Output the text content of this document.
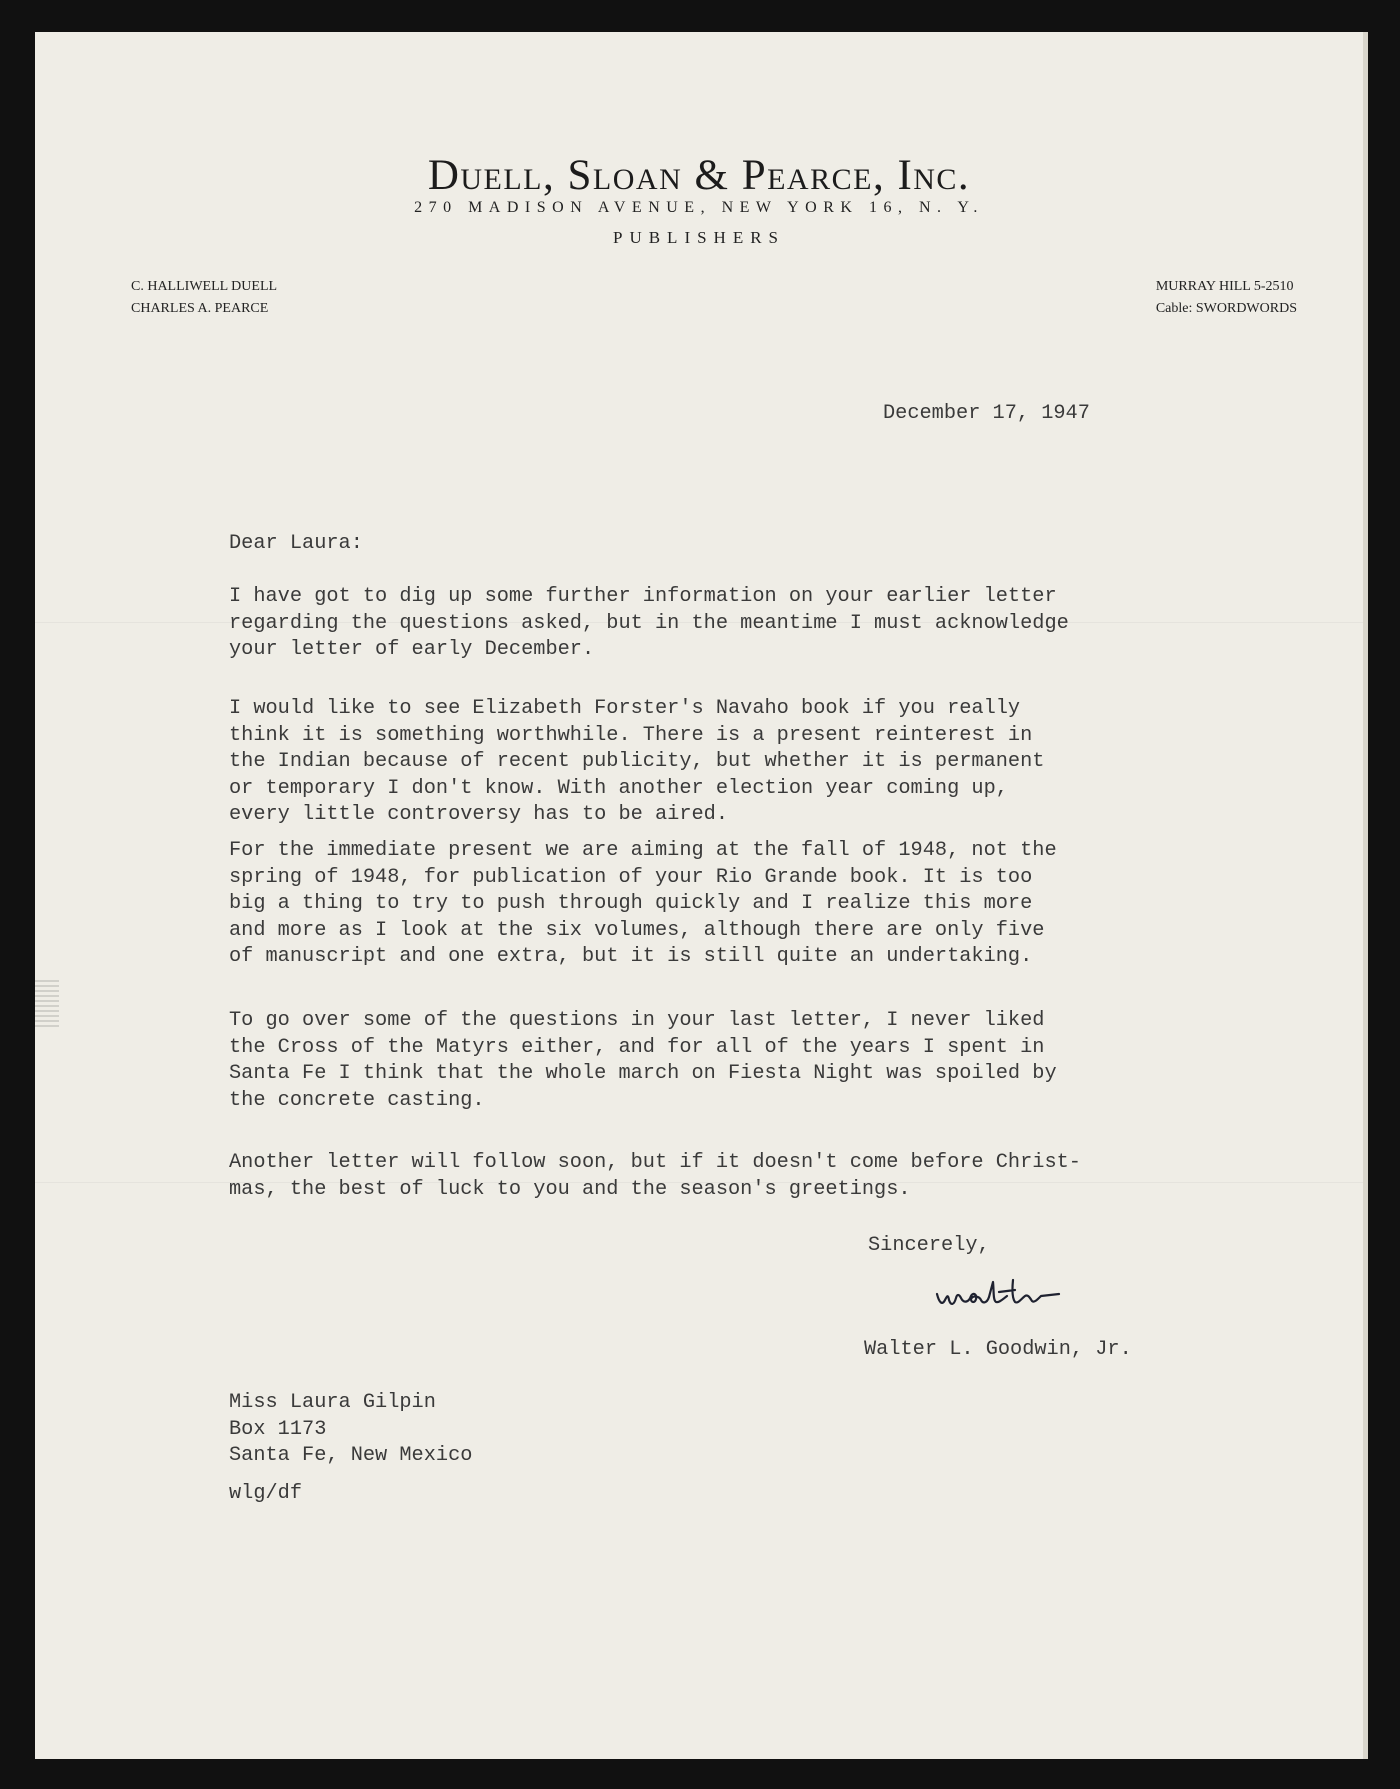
Duell, Sloan & Pearce, Inc.
270 MADISON AVENUE, NEW YORK 16, N. Y.
PUBLISHERS
C. HALLIWELL DUELL
CHARLES A. PEARCE
MURRAY HILL 5-2510
Cable: SWORDWORDS
December 17, 1947
Dear Laura:
I have got to dig up some further information on your earlier letter
regarding the questions asked, but in the meantime I must acknowledge
your letter of early December.
I would like to see Elizabeth Forster's Navaho book if you really
think it is something worthwhile. There is a present reinterest in
the Indian because of recent publicity, but whether it is permanent
or temporary I don't know. With another election year coming up,
every little controversy has to be aired.
For the immediate present we are aiming at the fall of 1948, not the
spring of 1948, for publication of your Rio Grande book. It is too
big a thing to try to push through quickly and I realize this more
and more as I look at the six volumes, although there are only five
of manuscript and one extra, but it is still quite an undertaking.
To go over some of the questions in your last letter, I never liked
the Cross of the Matyrs either, and for all of the years I spent in
Santa Fe I think that the whole march on Fiesta Night was spoiled by
the concrete casting.
Another letter will follow soon, but if it doesn't come before Christ-
mas, the best of luck to you and the season's greetings.
Sincerely,
Walter L. Goodwin, Jr.
Miss Laura Gilpin
Box 1173
Santa Fe, New Mexico
wlg/df
